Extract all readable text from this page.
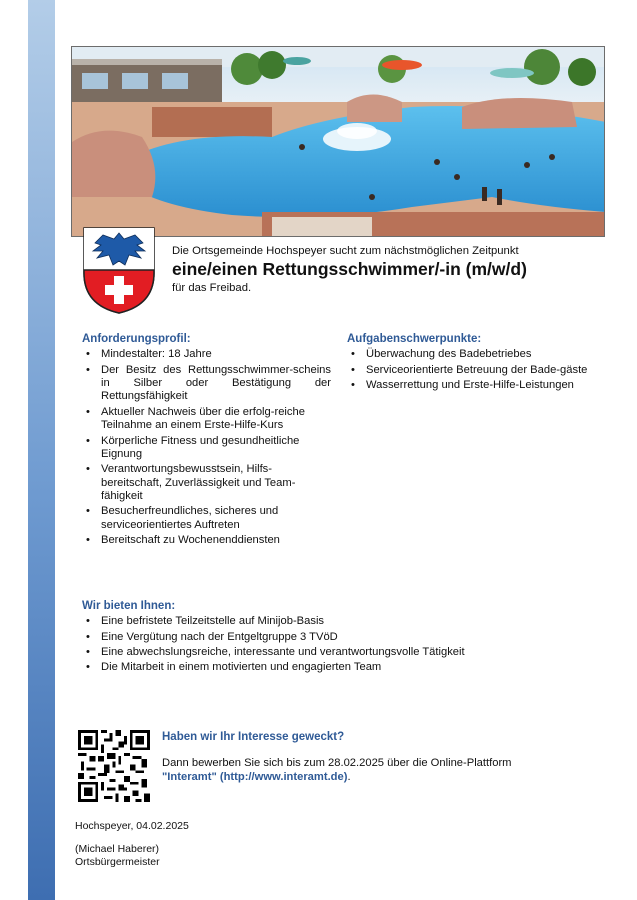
Die Ortsgemeinde Hochspeyer sucht zum nächstmöglichen Zeitpunkt
eine/einen Rettungsschwimmer/-in (m/w/d)
für das Freibad.
Anforderungsprofil:
• Mindestalter: 18 Jahre
• Der Besitz des Rettungsschwimmer-scheins in Silber oder Bestätigung der Rettungsfähigkeit
• Aktueller Nachweis über die erfolg-reiche Teilnahme an einem Erste-Hilfe-Kurs
• Körperliche Fitness und gesundheitliche Eignung
• Verantwortungsbewusstsein, Hilfs-bereitschaft, Zuverlässigkeit und Team-fähigkeit
• Besucherfreundliches, sicheres und serviceorientiertes Auftreten
• Bereitschaft zu Wochenenddiensten
Aufgabenschwerpunkte:
• Überwachung des Badebetriebes
• Serviceorientierte Betreuung der Bade-gäste
• Wasserrettung und Erste-Hilfe-Leistungen
Wir bieten Ihnen:
• Eine befristete Teilzeitstelle auf Minijob-Basis
• Eine Vergütung nach der Entgeltgruppe 3 TVöD
• Eine abwechslungsreiche, interessante und verantwortungsvolle Tätigkeit
• Die Mitarbeit in einem motivierten und engagierten Team
Haben wir Ihr Interesse geweckt?
Dann bewerben Sie sich bis zum 28.02.2025 über die Online-Plattform
"Interamt" (http://www.interamt.de).
Hochspeyer, 04.02.2025
(Michael Haberer)
Ortsbürgermeister
